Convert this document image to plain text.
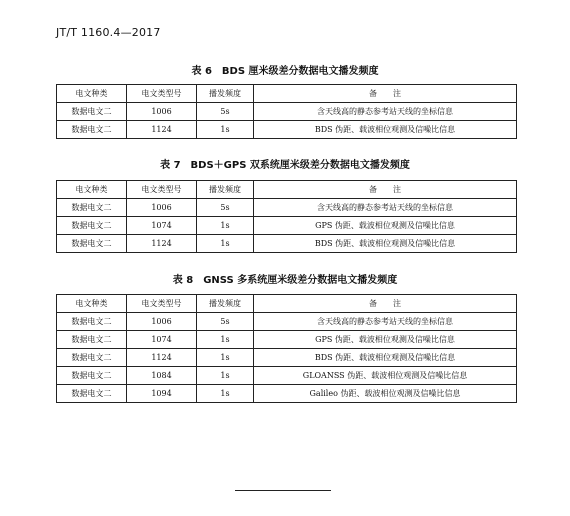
JT/T 1160.4—2017
表 6　BDS 厘米级差分数据电文播发频度
电文种类	电文类型号	播发频度	备　　注
数据电文二	1006	5s	含天线高的静态参考站天线的坐标信息
数据电文二	1124	1s	BDS 伪距、载波相位观测及信噪比信息
表 7　BDS＋GPS 双系统厘米级差分数据电文播发频度
电文种类	电文类型号	播发频度	备　　注
数据电文二	1006	5s	含天线高的静态参考站天线的坐标信息
数据电文二	1074	1s	GPS 伪距、载波相位观测及信噪比信息
数据电文二	1124	1s	BDS 伪距、载波相位观测及信噪比信息
表 8　GNSS 多系统厘米级差分数据电文播发频度
电文种类	电文类型号	播发频度	备　　注
数据电文二	1006	5s	含天线高的静态参考站天线的坐标信息
数据电文二	1074	1s	GPS 伪距、载波相位观测及信噪比信息
数据电文二	1124	1s	BDS 伪距、载波相位观测及信噪比信息
数据电文二	1084	1s	GLOANSS 伪距、载波相位观测及信噪比信息
数据电文二	1094	1s	Galileo 伪距、载波相位观测及信噪比信息
